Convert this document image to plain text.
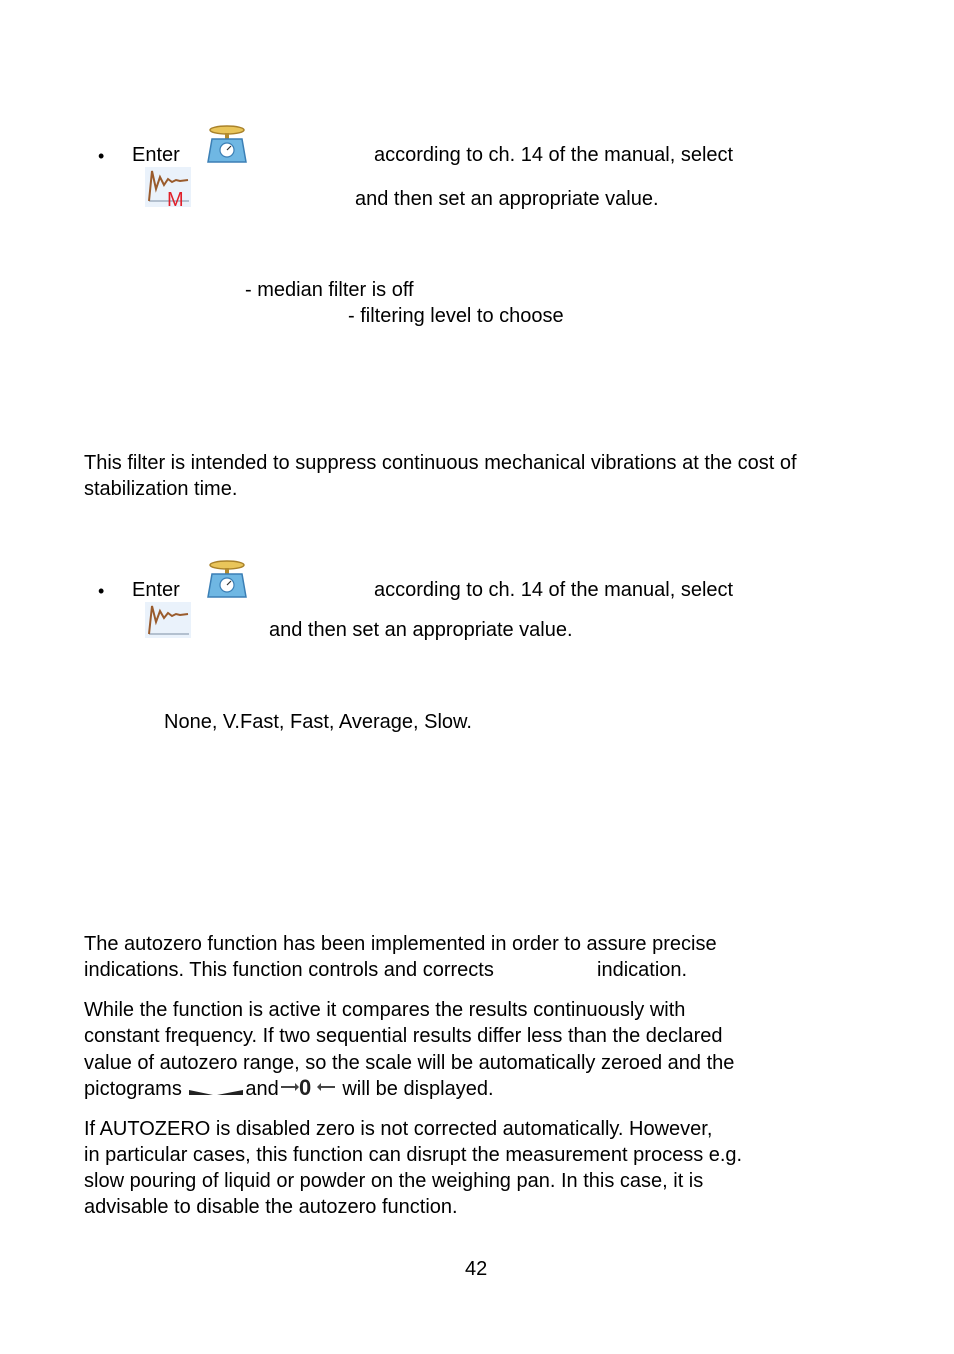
• Enter	according to ch. 14 of the manual, select
M	and then set an appropriate value.
- median filter is off
- filtering level to choose
This filter is intended to suppress continuous mechanical vibrations at the cost of stabilization time.
• Enter	according to ch. 14 of the manual, select
and then set an appropriate value.
None, V.Fast, Fast, Average, Slow.
The autozero function has been implemented in order to assure precise
indications. This function controls and corrects	indication.
While the function is active it compares the results continuously with
constant frequency. If two sequential results differ less than the declared
value of autozero range, so the scale will be automatically zeroed and the
pictograms	and 0 will be displayed.
If AUTOZERO is disabled zero is not corrected automatically. However,
in particular cases, this function can disrupt the measurement process e.g.
slow pouring of liquid or powder on the weighing pan. In this case, it is
advisable to disable the autozero function.
42
